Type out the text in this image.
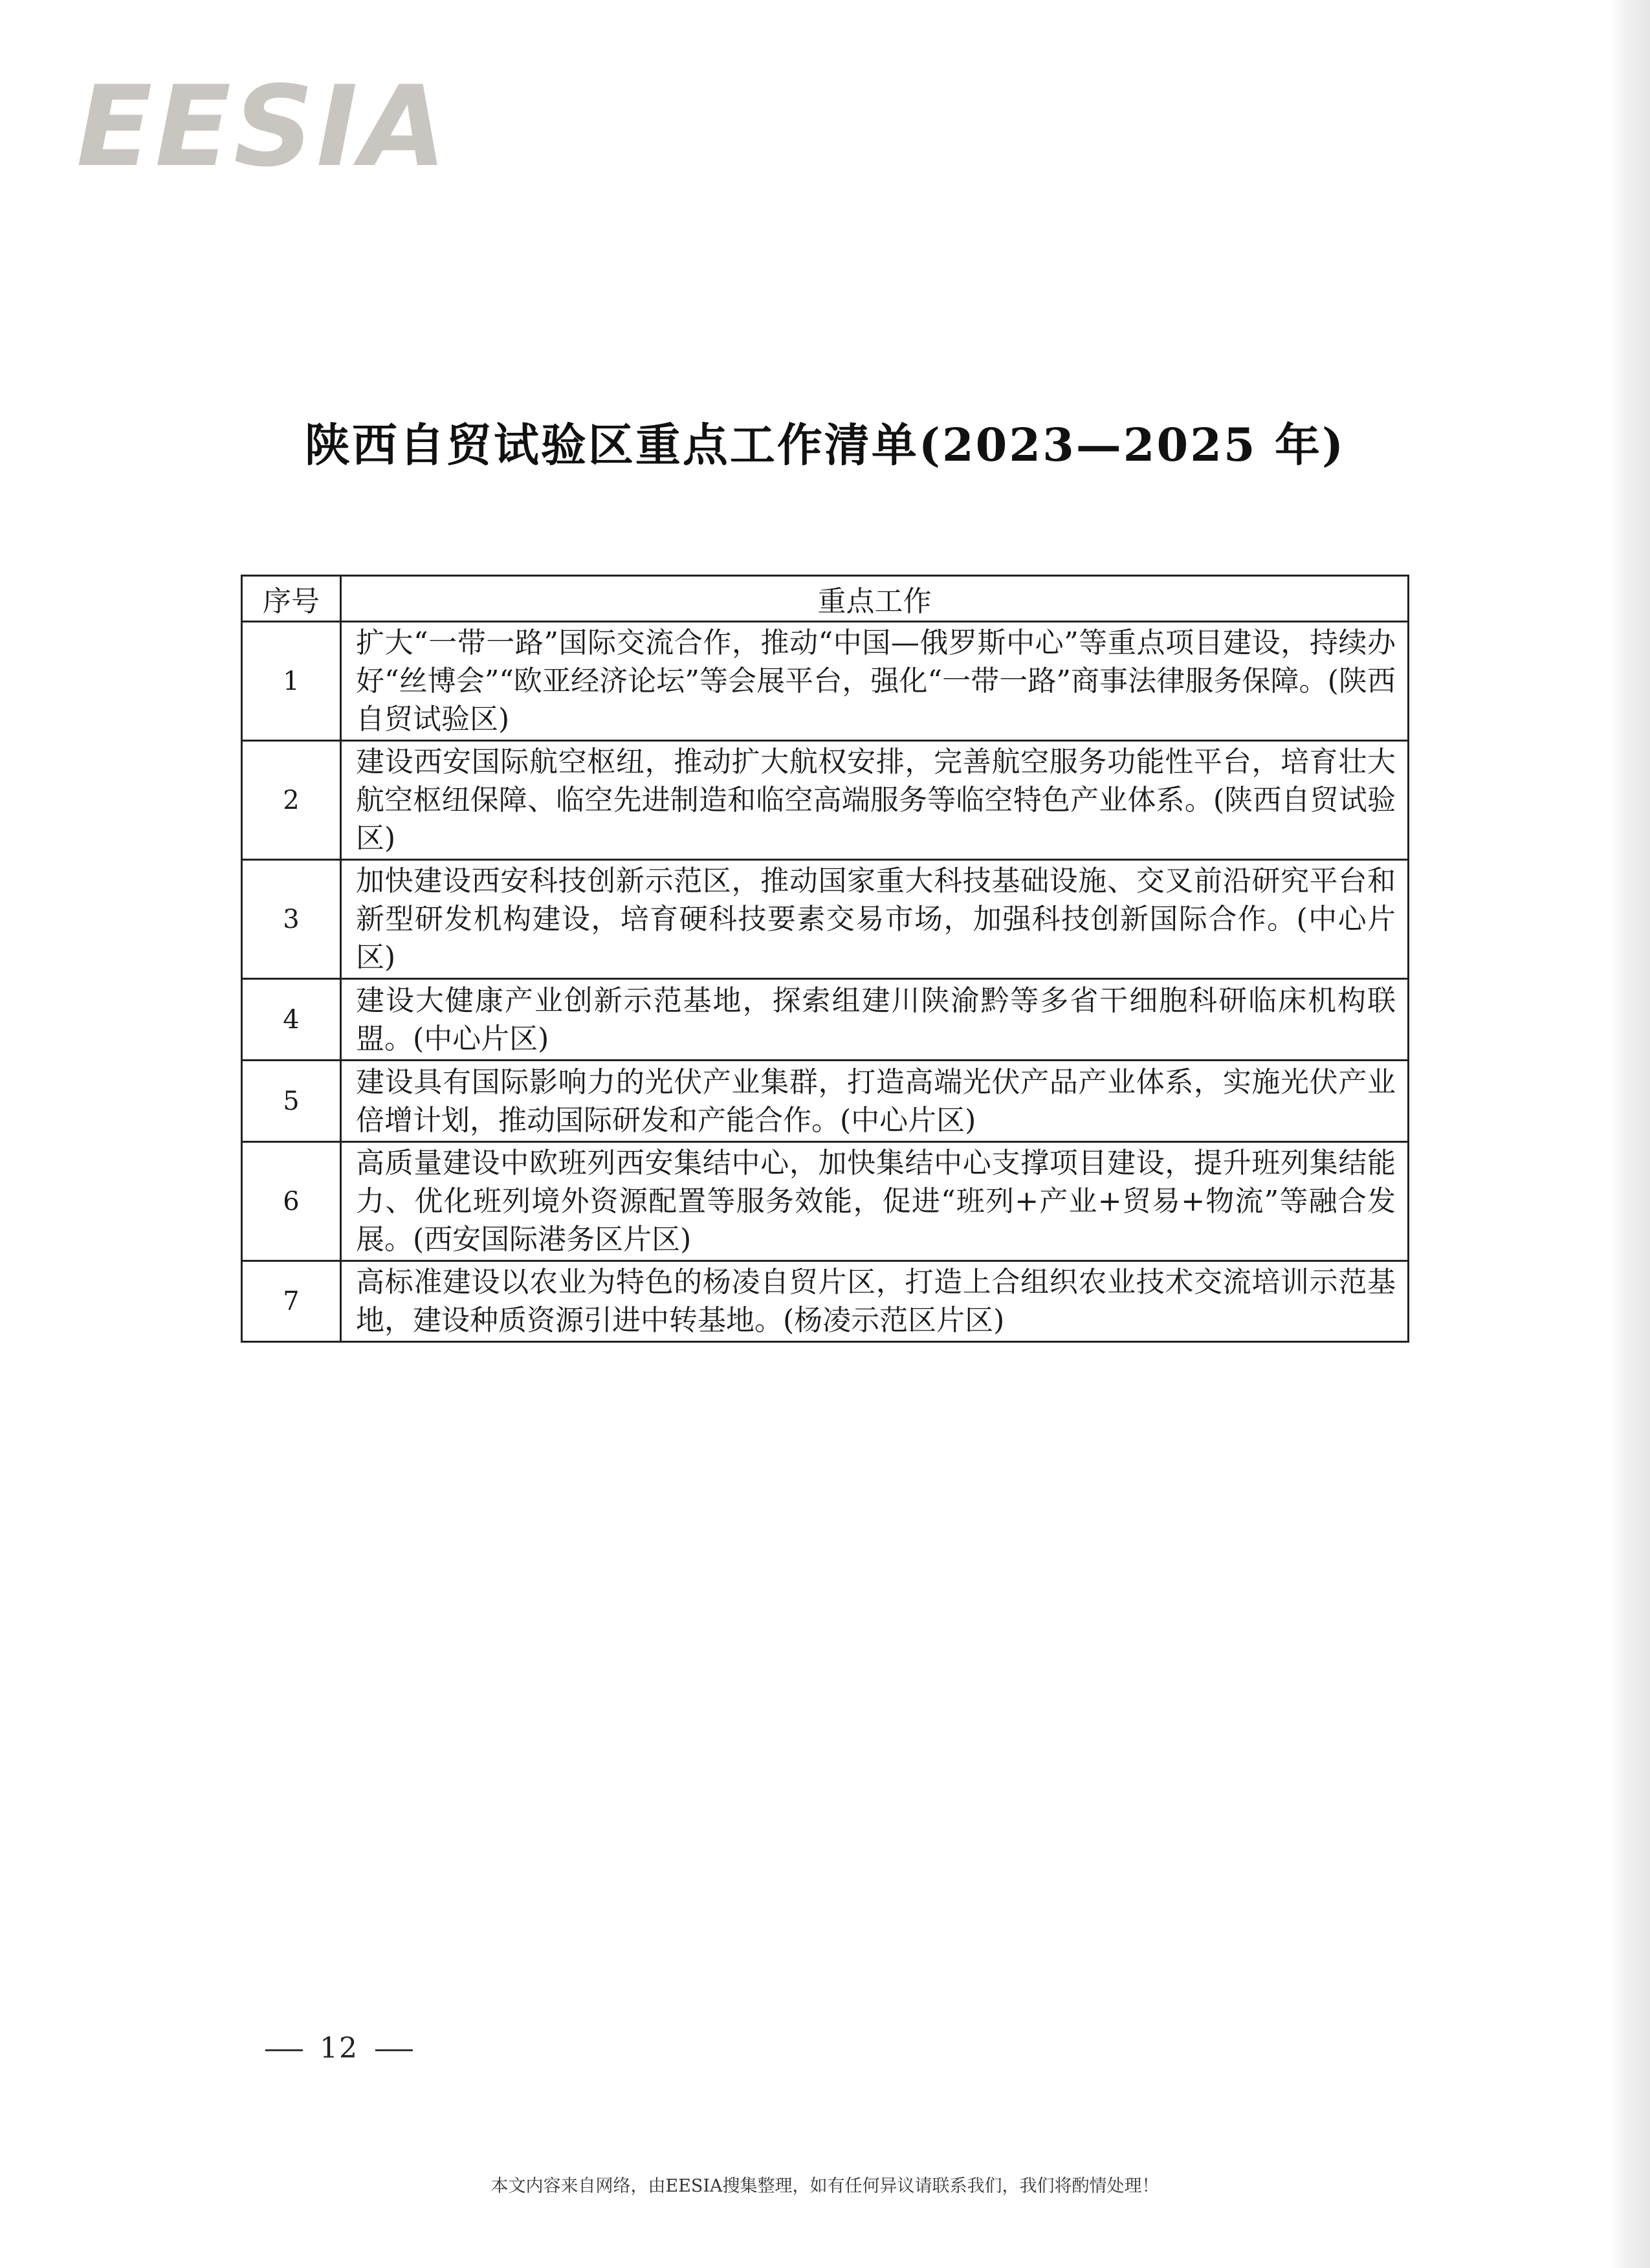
EESIA
陕西自贸试验区重点工作清单(2023—2025 年)
序号	重点工作
1	扩大“一带一路”国际交流合作，推动“中国—俄罗斯中心”等重点项目建设，持续办好“丝博会”“欧亚经济论坛”等会展平台，强化“一带一路”商事法律服务保障。(陕西自贸试验区)
2	建设西安国际航空枢纽，推动扩大航权安排，完善航空服务功能性平台，培育壮大航空枢纽保障、临空先进制造和临空高端服务等临空特色产业体系。(陕西自贸试验区)
3	加快建设西安科技创新示范区，推动国家重大科技基础设施、交叉前沿研究平台和新型研发机构建设，培育硬科技要素交易市场，加强科技创新国际合作。(中心片区)
4	建设大健康产业创新示范基地，探索组建川陕渝黔等多省干细胞科研临床机构联盟。(中心片区)
5	建设具有国际影响力的光伏产业集群，打造高端光伏产品产业体系，实施光伏产业倍增计划，推动国际研发和产能合作。(中心片区)
6	高质量建设中欧班列西安集结中心，加快集结中心支撑项目建设，提升班列集结能力、优化班列境外资源配置等服务效能，促进“班列+产业+贸易+物流”等融合发展。(西安国际港务区片区)
7	高标准建设以农业为特色的杨凌自贸片区，打造上合组织农业技术交流培训示范基地，建设种质资源引进中转基地。(杨凌示范区片区)
12
本文内容来自网络，由EESIA搜集整理，如有任何异议请联系我们，我们将酌情处理！
